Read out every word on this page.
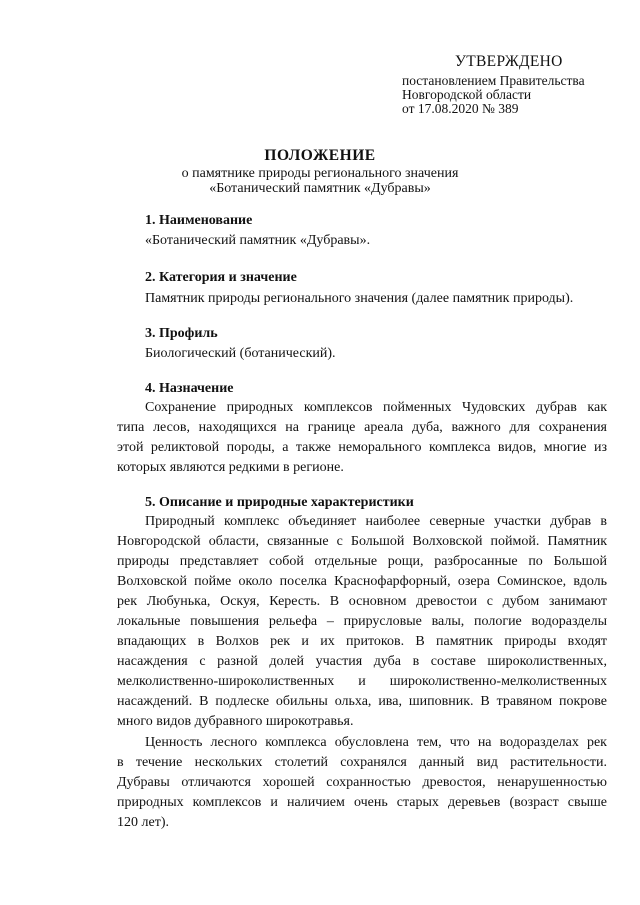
УТВЕРЖДЕНО
постановлением Правительства
Новгородской области
от 17.08.2020 № 389
ПОЛОЖЕНИЕ
о памятнике природы регионального значения
«Ботанический памятник «Дубравы»
1. Наименование
«Ботанический памятник «Дубравы».
2. Категория и значение
Памятник природы регионального значения (далее памятник природы).
3. Профиль
Биологический (ботанический).
4. Назначение
Сохранение природных комплексов пойменных Чудовских дубрав как
типа лесов, находящихся на границе ареала дуба, важного для сохранения
этой реликтовой породы, а также неморального комплекса видов, многие из
которых являются редкими в регионе.
5. Описание и природные характеристики
Природный комплекс объединяет наиболее северные участки дубрав в
Новгородской области, связанные с Большой Волховской поймой. Памятник
природы представляет собой отдельные рощи, разбросанные по Большой
Волховской пойме около поселка Краснофарфорный, озера Соминское, вдоль
рек Любунька, Оскуя, Кересть. В основном древостои с дубом занимают
локальные повышения рельефа – прирусловые валы, пологие водоразделы
впадающих в Волхов рек и их притоков. В памятник природы входят
насаждения с разной долей участия дуба в составе широколиственных,
мелколиственно-широколиственных и широколиственно-мелколиственных
насаждений. В подлеске обильны ольха, ива, шиповник. В травяном покрове
много видов дубравного широкотравья.
Ценность лесного комплекса обусловлена тем, что на водоразделах рек
в течение нескольких столетий сохранялся данный вид растительности.
Дубравы отличаются хорошей сохранностью древостоя, ненарушенностью
природных комплексов и наличием очень старых деревьев (возраст свыше
120 лет).
